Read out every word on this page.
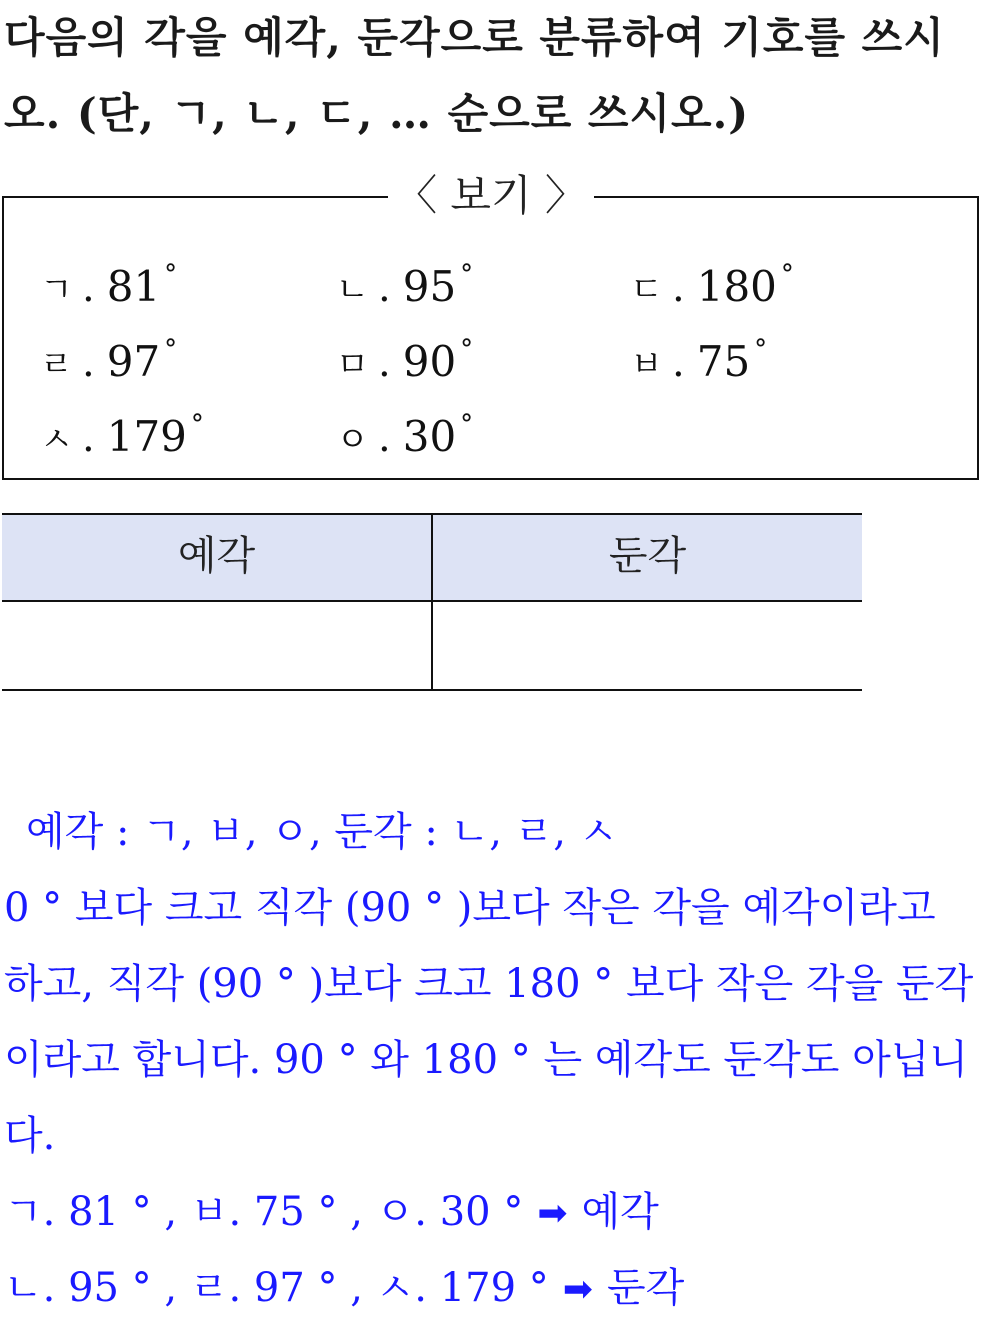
다음의 각을 예각, 둔각으로 분류하여 기호를 쓰시
오. (단, ㄱ, ㄴ, ㄷ, … 순으로 쓰시오.)
〈 보기 〉
ㄱ . 81 °	ㄴ . 95 °	ㄷ . 180 °
ㄹ . 97 °	ㅁ . 90 °	ㅂ . 75 °
ㅅ . 179 °	ㅇ . 30 °
예각	둔각
예각 : ㄱ, ㅂ, ㅇ, 둔각 : ㄴ, ㄹ, ㅅ
0 ° 보다 크고 직각 (90 ° )보다 작은 각을 예각이라고
하고, 직각 (90 ° )보다 크고 180 ° 보다 작은 각을 둔각
이라고 합니다. 90 ° 와 180 ° 는 예각도 둔각도 아닙니
다.
ㄱ. 81 ° , ㅂ. 75 ° , ㅇ. 30 ° ➡ 예각
ㄴ. 95 ° , ㄹ. 97 ° , ㅅ. 179 ° ➡ 둔각
